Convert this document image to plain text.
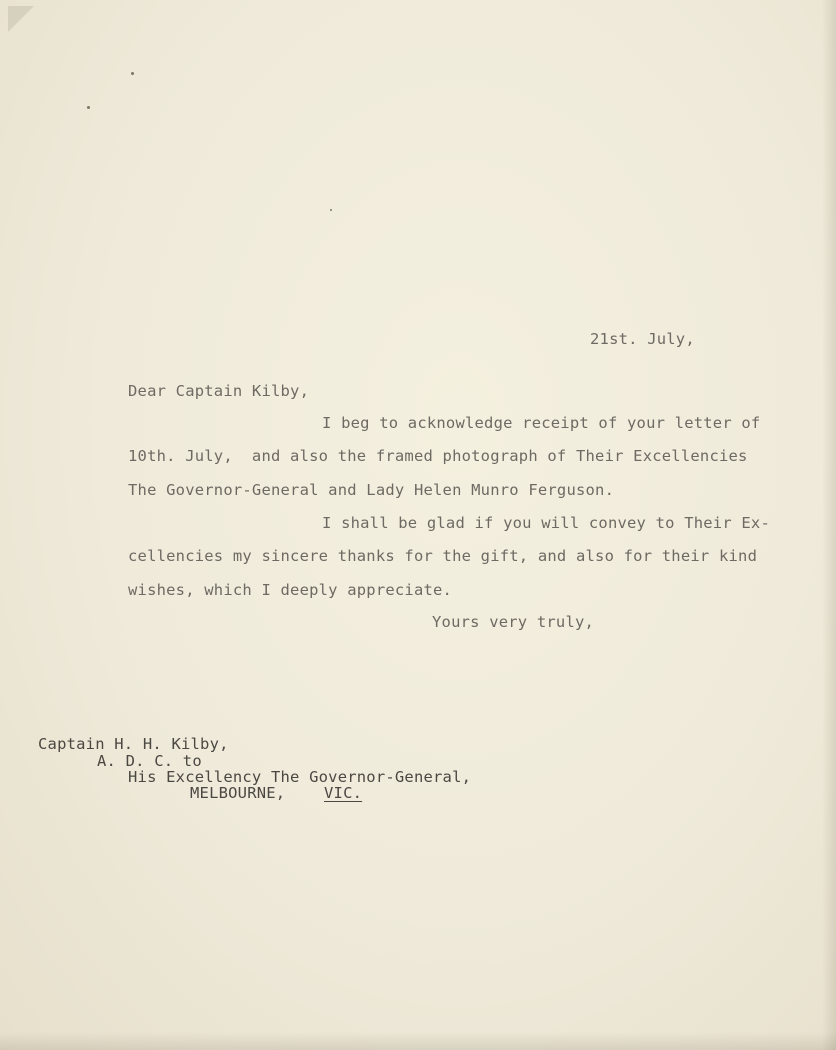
21st. July,
Dear Captain Kilby,
I beg to acknowledge receipt of your letter of
10th. July,  and also the framed photograph of Their Excellencies
The Governor-General and Lady Helen Munro Ferguson.
I shall be glad if you will convey to Their Ex-
cellencies my sincere thanks for the gift, and also for their kind
wishes, which I deeply appreciate.
Yours very truly,
Captain H. H. Kilby,
A. D. C. to
His Excellency The Governor-General,
MELBOURNE, VIC.
